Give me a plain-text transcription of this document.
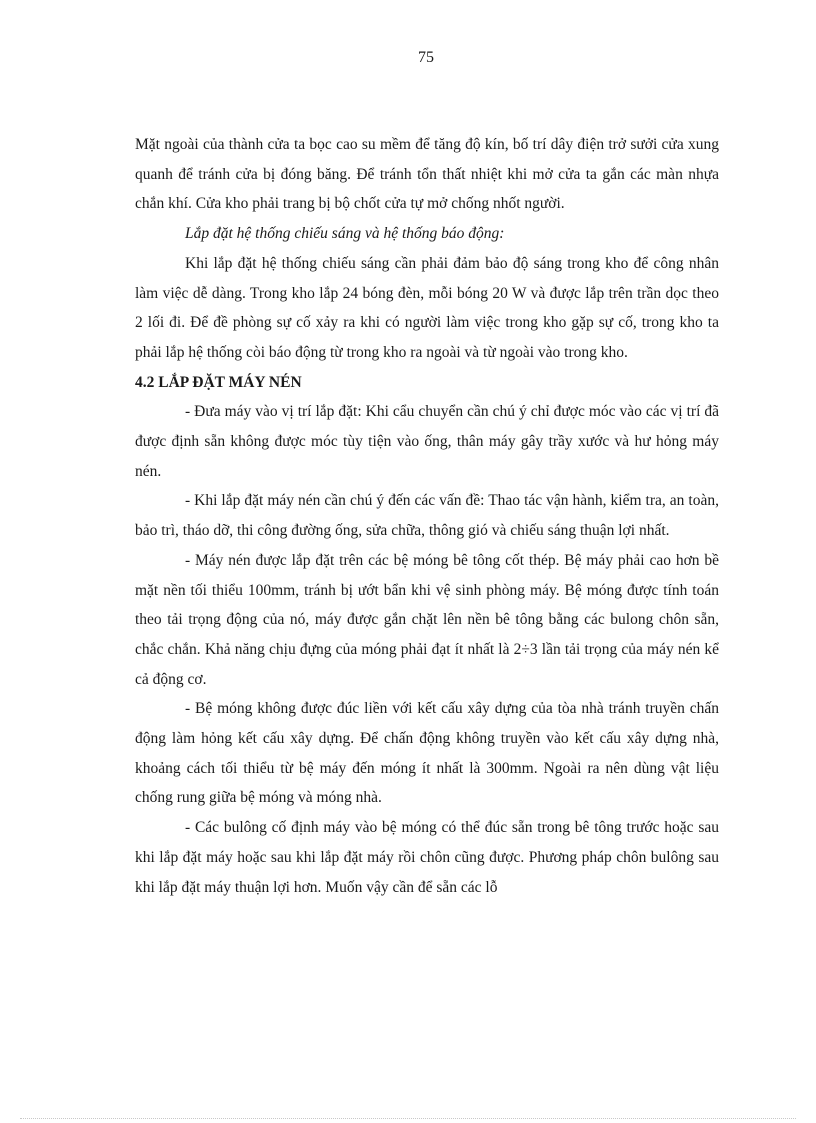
75

Mặt ngoài của thành cửa ta bọc cao su mềm để tăng độ kín, bố trí dây điện trở sưởi cửa xung quanh để tránh cửa bị đóng băng. Để tránh tổn thất nhiệt khi mở cửa ta gắn các màn nhựa chắn khí. Cửa kho phải trang bị bộ chốt cửa tự mở chống nhốt người.

Lắp đặt hệ thống chiếu sáng và hệ thống báo động:

Khi lắp đặt hệ thống chiếu sáng cần phải đảm bảo độ sáng trong kho để công nhân làm việc dễ dàng. Trong kho lắp 24 bóng đèn, mỗi bóng 20 W và được lắp trên trần dọc theo 2 lối đi. Để đề phòng sự cố xảy ra khi có người làm việc trong kho gặp sự cố, trong kho ta phải lắp hệ thống còi báo động từ trong kho ra ngoài và từ ngoài vào trong kho.

4.2 LẮP ĐẶT MÁY NÉN

- Đưa máy vào vị trí lắp đặt: Khi cẩu chuyển cần chú ý chỉ được móc vào các vị trí đã được định sẵn không được móc tùy tiện vào ống, thân máy gây trầy xước và hư hỏng máy nén.

- Khi lắp đặt máy nén cần chú ý đến các vấn đề: Thao tác vận hành, kiểm tra, an toàn, bảo trì, tháo dỡ, thi công đường ống, sửa chữa, thông gió và chiếu sáng thuận lợi nhất.

- Máy nén được lắp đặt trên các bệ móng bê tông cốt thép. Bệ máy phải cao hơn bề mặt nền tối thiểu 100mm, tránh bị ướt bẩn khi vệ sinh phòng máy. Bệ móng được tính toán theo tải trọng động của nó, máy được gắn chặt lên nền bê tông bằng các bulong chôn sẵn, chắc chắn. Khả năng chịu đựng của móng phải đạt ít nhất là 2÷3 lần tải trọng của máy nén kể cả động cơ.

- Bệ móng không được đúc liền với kết cấu xây dựng của tòa nhà tránh truyền chấn động làm hỏng kết cấu xây dựng. Để chấn động không truyền vào kết cấu xây dựng nhà, khoảng cách tối thiểu từ bệ máy đến móng ít nhất là 300mm. Ngoài ra nên dùng vật liệu chống rung giữa bệ móng và móng nhà.

- Các bulông cố định máy vào bệ móng có thể đúc sẵn trong bê tông trước hoặc sau khi lắp đặt máy hoặc sau khi lắp đặt máy rồi chôn cũng được. Phương pháp chôn bulông sau khi lắp đặt máy thuận lợi hơn. Muốn vậy cần để sẵn các lỗ
